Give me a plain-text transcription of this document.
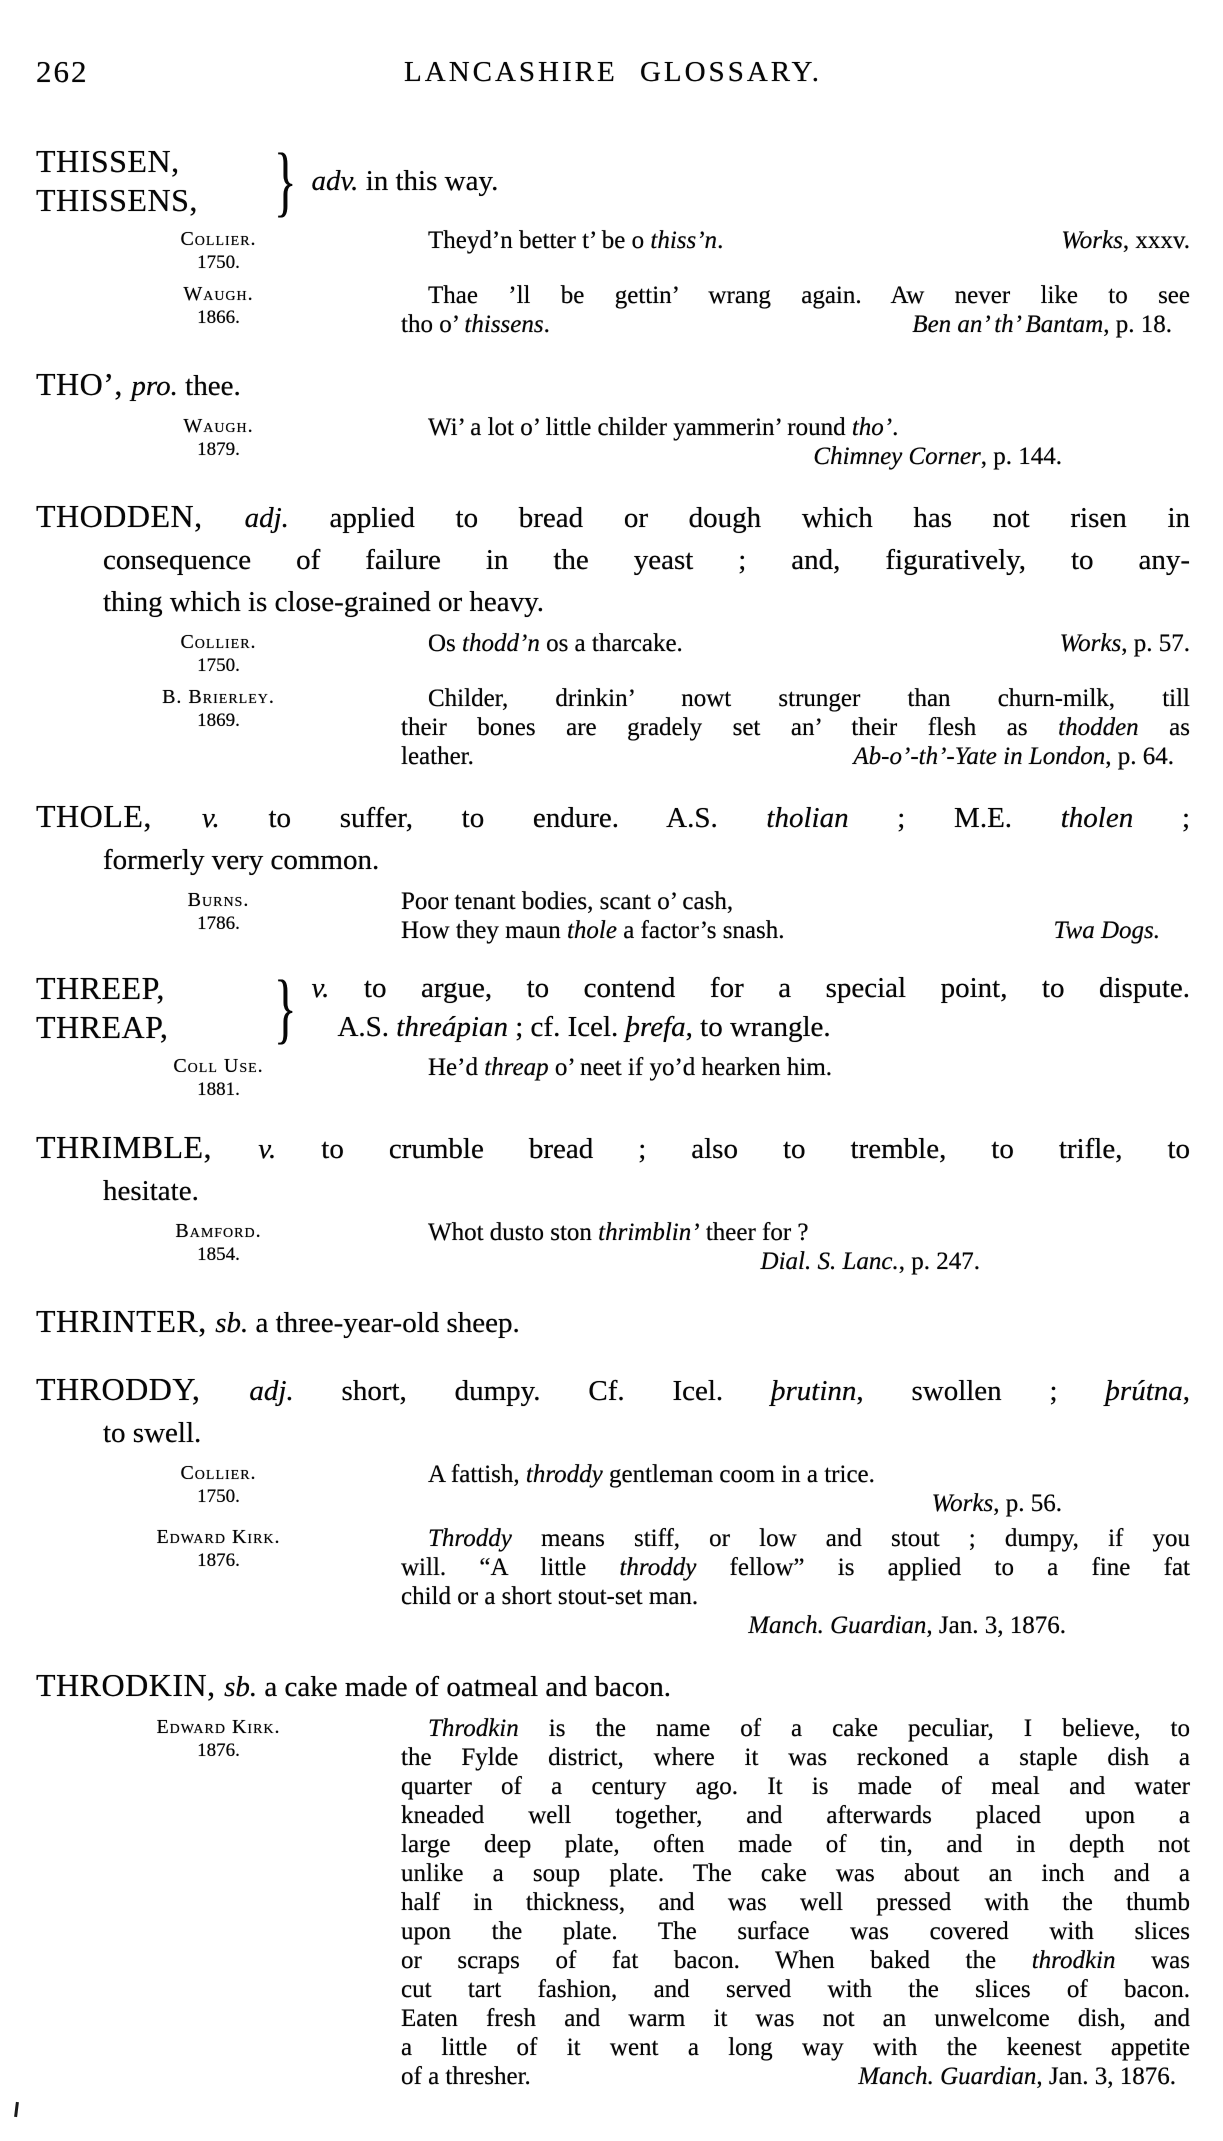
262	LANCASHIRE GLOSSARY.
THISSEN,
THISSENS, } adv. in this way.
Collier.
1750.
Works, xxxv.
Theyd’n better t’ be o thiss’n.
Waugh.
1866.
Thae ’ll be gettin’ wrang again. Aw never like to see
Ben an’ th’ Bantam, p. 18.
tho o’ thissens.
THO’, pro. thee.
Waugh.
1879.
Wi’ a lot o’ little childer yammerin’ round tho’.
Chimney Corner, p. 144.
THODDEN, adj. applied to bread or dough which has not risen in
consequence of failure in the yeast ; and, figuratively, to any-
thing which is close-grained or heavy.
Collier.
1750.
Works, p. 57.
Os thodd’n os a tharcake.
B. Brierley.
1869.
Childer, drinkin’ nowt strunger than churn-milk, till
their bones are gradely set an’ their flesh as thodden as
Ab-o’-th’-Yate in London, p. 64.
leather.
THOLE, v. to suffer, to endure. A.S. tholian ; M.E. tholen ;
formerly very common.
Burns.
1786.
Poor tenant bodies, scant o’ cash,
Twa Dogs.
How they maun thole a factor’s snash.
THREEP,
THREAP,	} v. to argue, to contend for a special point, to dispute.
A.S. threápian ; cf. Icel. þrefa, to wrangle.
Coll Use.
1881.
He’d threap o’ neet if yo’d hearken him.
THRIMBLE, v. to crumble bread ; also to tremble, to trifle, to
hesitate.
Bamford.
1854.
Whot dusto ston thrimblin’ theer for ?
Dial. S. Lanc., p. 247.
THRINTER, sb. a three-year-old sheep.
THRODDY, adj. short, dumpy. Cf. Icel. þrutinn, swollen ; þrútna,
to swell.
Collier.
1750.
A fattish, throddy gentleman coom in a trice.
Works, p. 56.
Edward Kirk.
1876.
Throddy means stiff, or low and stout ; dumpy, if you
will. “A little throddy fellow” is applied to a fine fat
child or a short stout-set man.
Manch. Guardian, Jan. 3, 1876.
THRODKIN, sb. a cake made of oatmeal and bacon.
Edward Kirk.
1876.
Throdkin is the name of a cake peculiar, I believe, to
the Fylde district, where it was reckoned a staple dish a
quarter of a century ago. It is made of meal and water
kneaded well together, and afterwards placed upon a
large deep plate, often made of tin, and in depth not
unlike a soup plate. The cake was about an inch and a
half in thickness, and was well pressed with the thumb
upon the plate. The surface was covered with slices
or scraps of fat bacon. When baked the throdkin was
cut tart fashion, and served with the slices of bacon.
Eaten fresh and warm it was not an unwelcome dish, and
a little of it went a long way with the keenest appetite
Manch. Guardian, Jan. 3, 1876.
of a thresher.
